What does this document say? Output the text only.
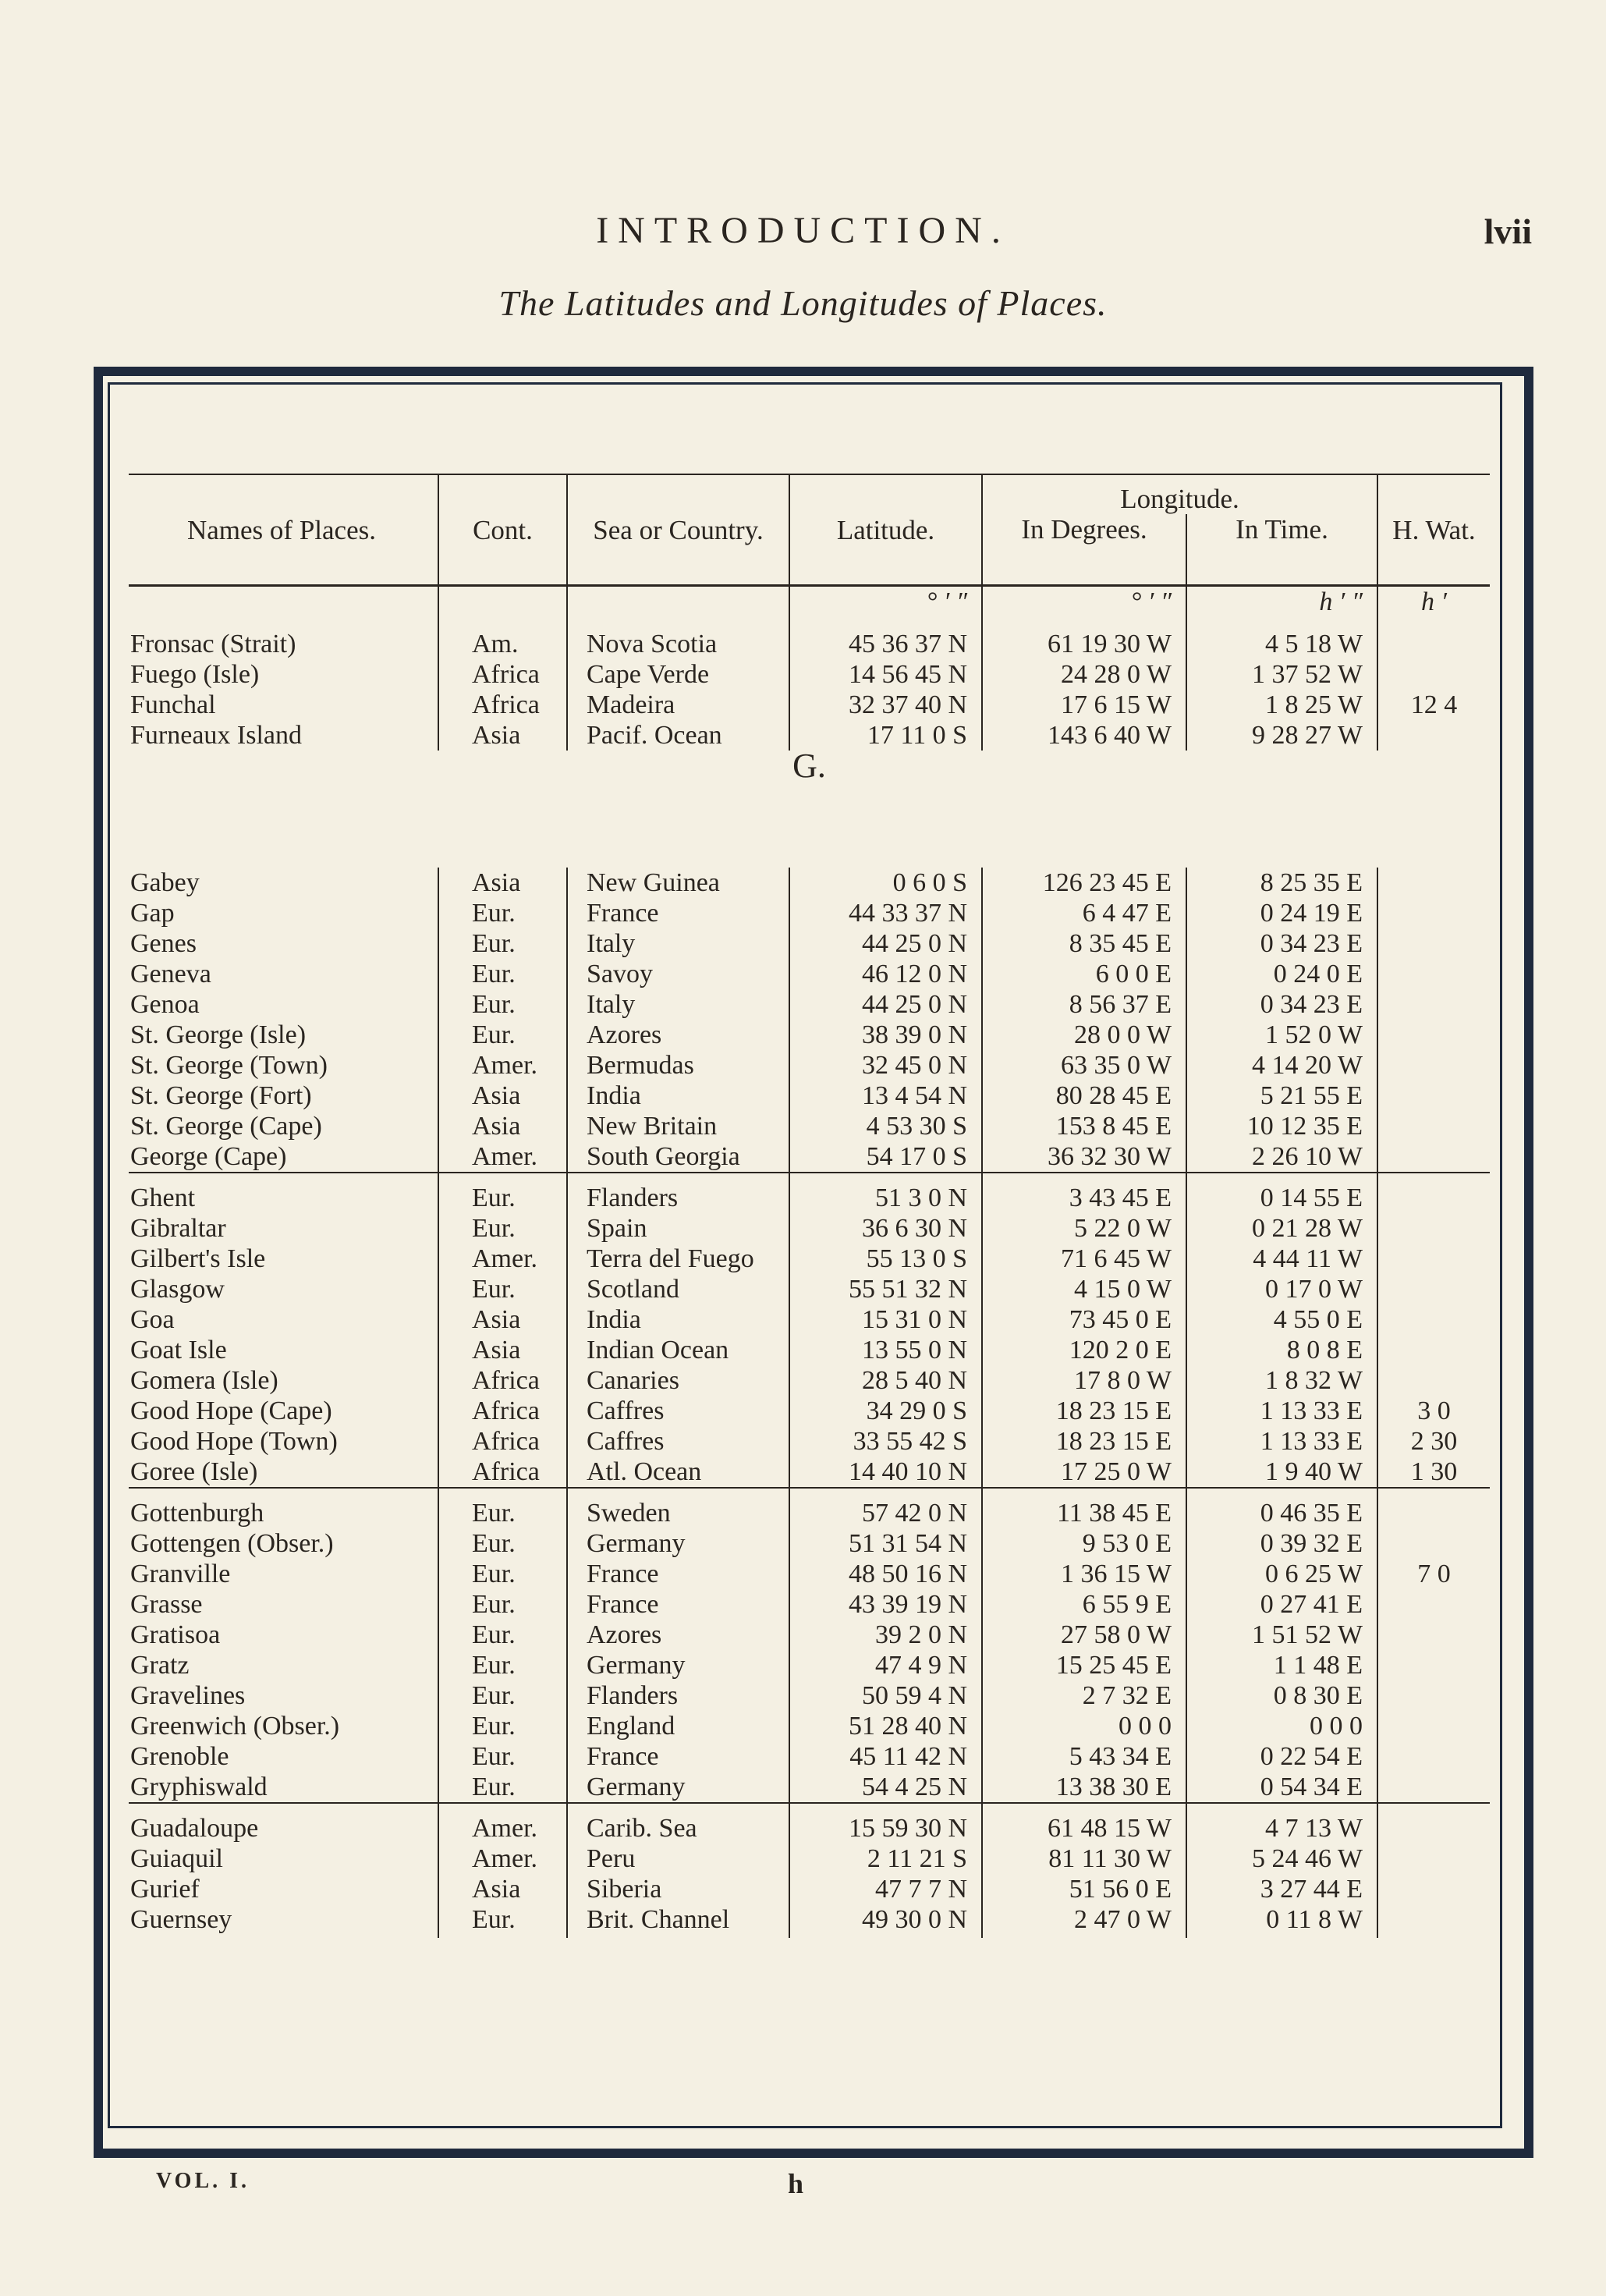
INTRODUCTION.	lvii
The Latitudes and Longitudes of Places.
Names of Places.	Cont.	Sea or Country.	Latitude.	Longitude.		H. Wat.
				In Degrees.	In Time.	
			° ′ ″	° ′ ″	h ′ ″	h ′
Fronsac (Strait)	Am.	Nova Scotia	45 36 37 N	61 19 30 W	4 5 18 W	
Fuego (Isle)	Africa	Cape Verde	14 56 45 N	24 28 0 W	1 37 52 W	
Funchal	Africa	Madeira	32 37 40 N	17 6 15 W	1 8 25 W	12 4
Furneaux Island	Asia	Pacif. Ocean	17 11 0 S	143 6 40 W	9 28 27 W	
G.						
Gabey	Asia	New Guinea	0 6 0 S	126 23 45 E	8 25 35 E	
Gap	Eur.	France	44 33 37 N	6 4 47 E	0 24 19 E	
Genes	Eur.	Italy	44 25 0 N	8 35 45 E	0 34 23 E	
Geneva	Eur.	Savoy	46 12 0 N	6 0 0 E	0 24 0 E	
Genoa	Eur.	Italy	44 25 0 N	8 56 37 E	0 34 23 E	
St. George (Isle)	Eur.	Azores	38 39 0 N	28 0 0 W	1 52 0 W	
St. George (Town)	Amer.	Bermudas	32 45 0 N	63 35 0 W	4 14 20 W	
St. George (Fort)	Asia	India	13 4 54 N	80 28 45 E	5 21 55 E	
St. George (Cape)	Asia	New Britain	4 53 30 S	153 8 45 E	10 12 35 E	
George (Cape)	Amer.	South Georgia	54 17 0 S	36 32 30 W	2 26 10 W	

Ghent	Eur.	Flanders	51 3 0 N	3 43 45 E	0 14 55 E	
Gibraltar	Eur.	Spain	36 6 30 N	5 22 0 W	0 21 28 W	
Gilbert's Isle	Amer.	Terra del Fuego	55 13 0 S	71 6 45 W	4 44 11 W	
Glasgow	Eur.	Scotland	55 51 32 N	4 15 0 W	0 17 0 W	
Goa	Asia	India	15 31 0 N	73 45 0 E	4 55 0 E	
Goat Isle	Asia	Indian Ocean	13 55 0 N	120 2 0 E	8 0 8 E	
Gomera (Isle)	Africa	Canaries	28 5 40 N	17 8 0 W	1 8 32 W	
Good Hope (Cape)	Africa	Caffres	34 29 0 S	18 23 15 E	1 13 33 E	3 0
Good Hope (Town)	Africa	Caffres	33 55 42 S	18 23 15 E	1 13 33 E	2 30
Goree (Isle)	Africa	Atl. Ocean	14 40 10 N	17 25 0 W	1 9 40 W	1 30

Gottenburgh	Eur.	Sweden	57 42 0 N	11 38 45 E	0 46 35 E	
Gottengen (Obser.)	Eur.	Germany	51 31 54 N	9 53 0 E	0 39 32 E	
Granville	Eur.	France	48 50 16 N	1 36 15 W	0 6 25 W	7 0
Grasse	Eur.	France	43 39 19 N	6 55 9 E	0 27 41 E	
Gratisoa	Eur.	Azores	39 2 0 N	27 58 0 W	1 51 52 W	
Gratz	Eur.	Germany	47 4 9 N	15 25 45 E	1 1 48 E	
Gravelines	Eur.	Flanders	50 59 4 N	2 7 32 E	0 8 30 E	
Greenwich (Obser.)	Eur.	England	51 28 40 N	0 0 0	0 0 0	
Grenoble	Eur.	France	45 11 42 N	5 43 34 E	0 22 54 E	
Gryphiswald	Eur.	Germany	54 4 25 N	13 38 30 E	0 54 34 E	

Guadaloupe	Amer.	Carib. Sea	15 59 30 N	61 48 15 W	4 7 13 W	
Guiaquil	Amer.	Peru	2 11 21 S	81 11 30 W	5 24 46 W	
Gurief	Asia	Siberia	47 7 7 N	51 56 0 E	3 27 44 E	
Guernsey	Eur.	Brit. Channel	49 30 0 N	2 47 0 W	0 11 8 W	

VOL. I.	h
